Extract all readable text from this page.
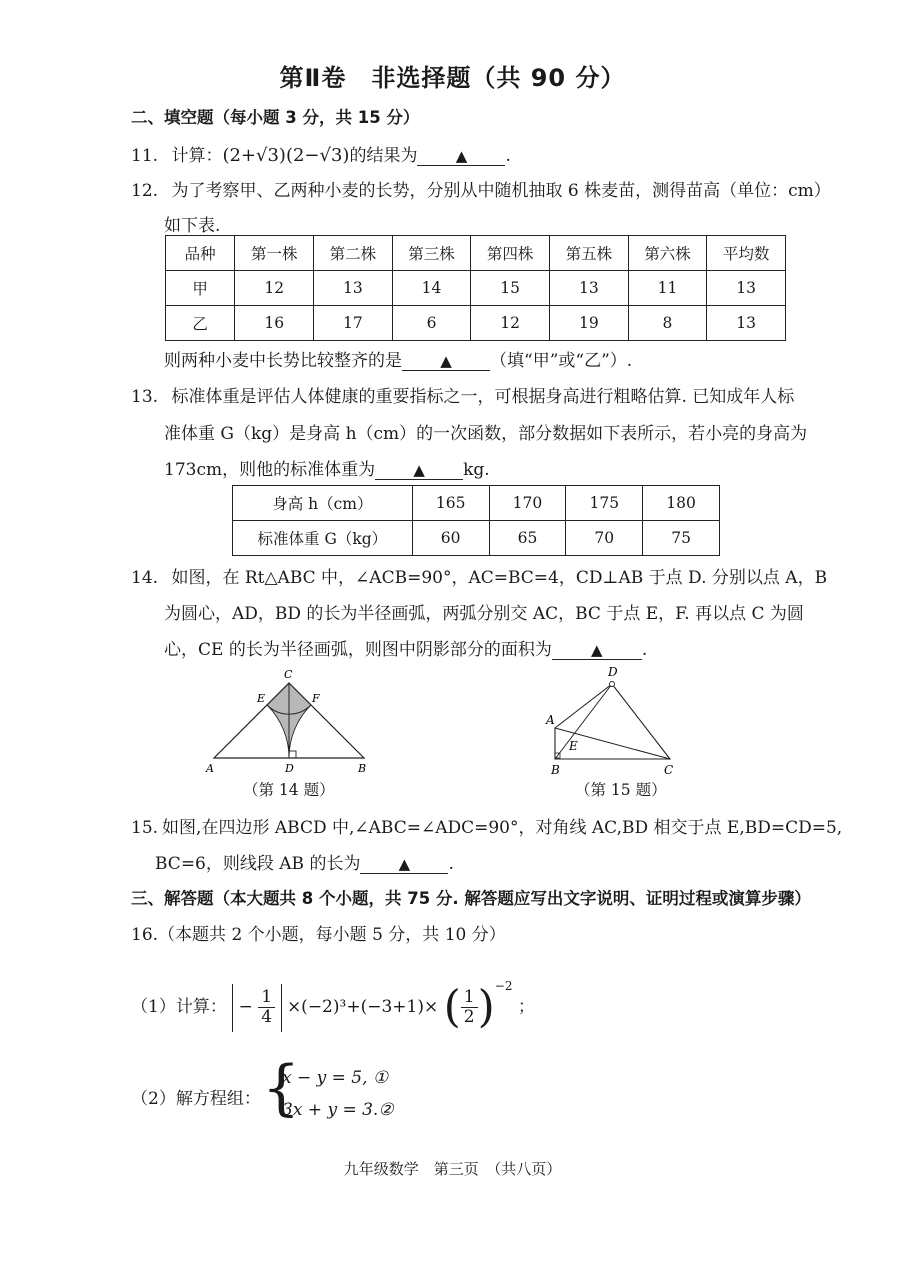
第Ⅱ卷　非选择题（共 90 分）
二、填空题（每小题 3 分，共 15 分）
11. 计算：(2+√3)(2−√3)的结果为	▲ .
12. 为了考察甲、乙两种小麦的长势，分别从中随机抽取 6 株麦苗，测得苗高（单位：cm）
如下表.
品种	第一株	第二株	第三株	第四株	第五株	第六株	平均数
甲	12	13	14	15	13	11	13
乙	16	17	6	12	19	8	13
则两种小麦中长势比较整齐的是	▲ （填“甲”或“乙”）.
13. 标准体重是评估人体健康的重要指标之一，可根据身高进行粗略估算. 已知成年人标
准体重 G（kg）是身高 h（cm）的一次函数，部分数据如下表所示，若小亮的身高为
173cm，则他的标准体重为	▲ kg.
身高 h（cm）	165	170	175	180
标准体重 G（kg）	60	65	70	75
14. 如图，在 Rt△ABC 中，∠ACB=90°，AC=BC=4，CD⊥AB 于点 D. 分别以点 A，B
为圆心，AD，BD 的长为半径画弧，两弧分别交 AC，BC 于点 E，F. 再以点 C 为圆
心，CE 的长为半径画弧，则图中阴影部分的面积为	▲ .
C
E	F
A	D	B
（第 14 题）
D
A
E
B	C
（第 15 题）
15. 如图,在四边形 ABCD 中,∠ABC=∠ADC=90°，对角线 AC,BD 相交于点 E,BD=CD=5,
BC=6，则线段 AB 的长为	▲ .
三、解答题（本大题共 8 个小题，共 75 分. 解答题应写出文字说明、证明过程或演算步骤）
16.（本题共 2 个小题，每小题 5 分，共 10 分）
（1）计算： − $\frac{1}{4} \times(-2)^3+(-3+1)\times$ ( $\frac{1}{2} )^{-2}$ ；
（2）解方程组： {
x − y = 5, ①
3x + y = 3.②
九年级数学　第三页　（共八页）
